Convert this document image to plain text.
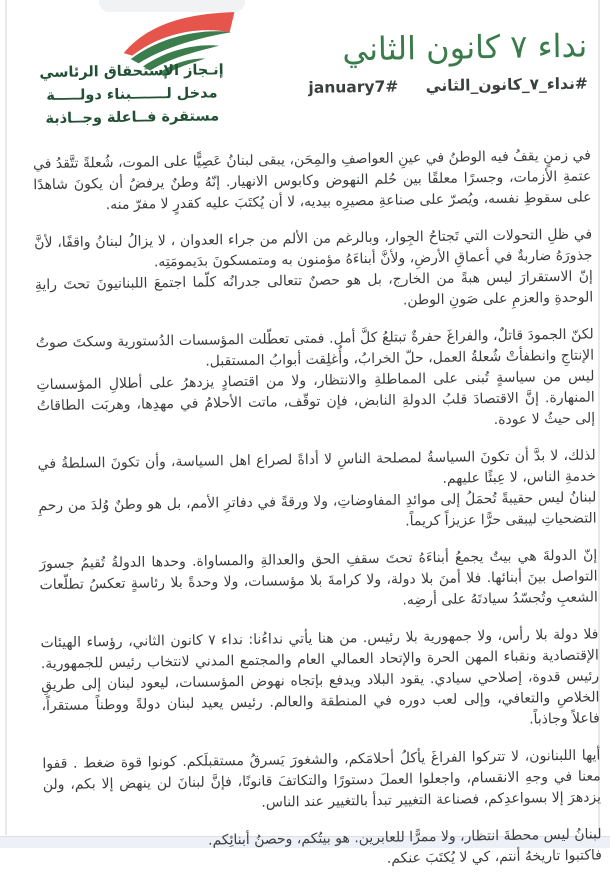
إنـجاز الإستحقاق الرئاسي
مدخل لـــــــبناء دولـــــة
مستقرة فــاعلة وجــاذبة
نداء ٧ كانون الثاني
#نداء_٧_كانون_الثاني #january7
في زمنٍ يقفُ فيه الوطنُ في عينِ العواصفِ والمِحَن، يبقى لبنانُ عَصِيًّا على الموت، شُعلةً تتَّقدُ في عتمةِ الأزمات، وجسرًا معلقًا بين حُلم النهوض وكابوس الانهيار. إنّهُ وطنٌ يرفضُ أن يكونَ شاهدًا على سقوطِ نفسه، ويُصرّ على صناعةِ مصيرِه بيديه، لا أن يُكتَبَ عليه كقدرٍ لا مفرّ منه.
في ظلِ التحولات التي تَجتاحُ الجِوار، وبالرغم من الألم من جراء العدوان ، لا يزالُ لبنانُ واقفًا، لأنَّ جذورَهُ ضاربةٌ في أعماقِ الأرضِ، ولأنَّ أبناءَهُ مؤمنون به ومتمسكونَ بدَيمومَتِه.
إنّ الاستقرارَ ليس هبةً من الخارج، بل هو حصنٌ تتعالى جدرانُه كلّما اجتمعَ اللبنانيونَ تحتَ رايةِ الوحدةِ والعزمِ على صَونِ الوطن.
لكنّ الجمودَ قاتلٌ، والفراغَ حفرةٌ تبتلعُ كلَّ أمل. فمتى تعطّلت المؤسسات الدُستورية وسكتَ صوتُ الإنتاجِ وانطفأتْ شُعلةُ العمل، حلّ الخرابُ، وأُغلِقت أبوابُ المستقبل.
ليس من سياسةٍ تُبنى على المماطلةِ والانتظار، ولا من اقتصادٍ يزدهرُ على أطلالِ المؤسساتِ المنهارة. إنَّ الاقتصادَ قلبُ الدولةِ النابض، فإن توقّف، ماتت الأحلامُ في مهدِها، وهربَت الطاقاتُ إلى حيثُ لا عودة.
لذلك، لا بدَّ أن تكونَ السياسةُ لمصلحة الناسِ لا أداةً لصراع اهل السياسة، وأن تكونَ السلطةُ في خدمةِ الناس، لا عِبئًا عليهم.
لبنانُ ليس حقيبةً تُحمَلُ إلى موائدِ المفاوضاتِ، ولا ورقةً في دفاترِ الأمم، بل هو وطنٌ وُلدَ من رحمِ التضحياتِ ليبقى حرًّا عزيزاً كريماً.
إنّ الدولةَ هي بيتٌ يجمعُ أبناءَهُ تحتَ سقفِ الحق والعدالةِ والمساواة. وحدها الدولةُ تُقيمُ جسورَ التواصل بينَ أبنائها. فلا أمنَ بلا دولة، ولا كرامةَ بلا مؤسسات، ولا وحدةً بلا رئاسةٍ تعكسُ تطلّعات الشعبِ وتُجسّدُ سيادتَهُ على أرضِه.
فلا دولة بلا رأس، ولا جمهورية بلا رئيس. من هنا يأتي نداءُنا: نداء ٧ كانون الثاني، رؤساء الهيئات الإقتصادية ونقباء المهن الحرة والإتحاد العمالي العام والمجتمع المدني لانتخاب رئيس للجمهورية. رئيس قدوة، إصلاحي سيادي. يقود البلاد ويدفع بإتجاه نهوض المؤسسات، ليعود لبنان إلى طريقِ الخلاصِ والتعافي، وإلى لعب دوره في المنطقة والعالم. رئيس يعيد لبنان دولةً ووطناً مستقراً، فاعلاً وجاذباً.
أيها اللبنانون، لا تتركوا الفراغَ يأكلُ أحلامَكم، والشغورَ يَسرقُ مستقبلَكم. كونوا قوة ضغط . قفوا معنا في وجهِ الانقسام، واجعلوا العملَ دستورًا والتكاتفَ قانونًا، فإنَّ لبنانَ لن ينهض إلا بكم، ولن يزدهرَ إلا بسواعدِكم، فصناعة التغيير تبدأ بالتغيير عند الناس.
لبنانُ ليس محطةَ انتظار، ولا ممرًّا للعابرين. هو بيتُكم، وحصنُ أبنائِكم.
فاكتبوا تاريخهُ أنتم، كي لا يُكتَبَ عنكم.
